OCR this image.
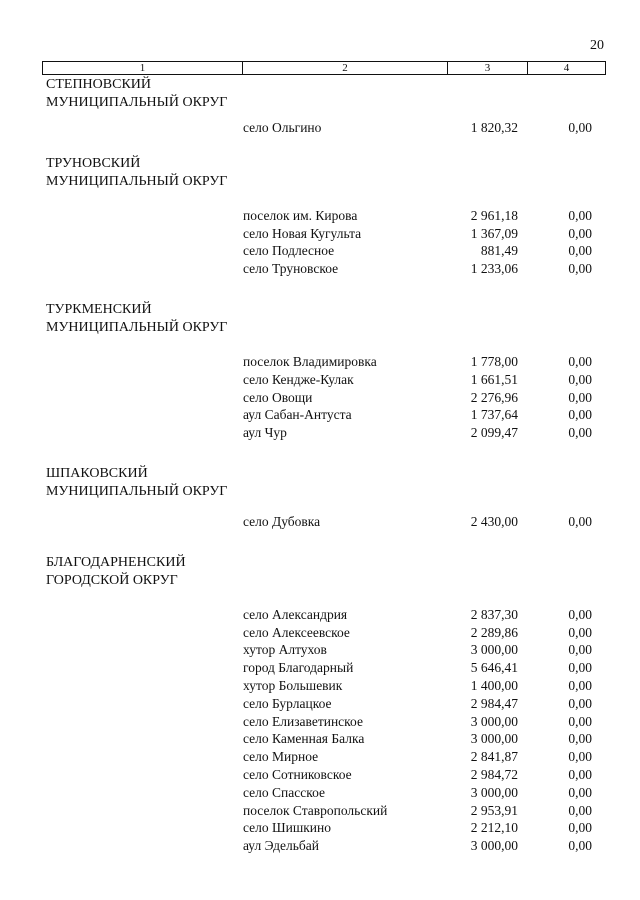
20
1	2	3	4
СТЕПНОВСКИЙ
МУНИЦИПАЛЬНЫЙ ОКРУГ
село Ольгино	1 820,32	0,00
ТРУНОВСКИЙ
МУНИЦИПАЛЬНЫЙ ОКРУГ
поселок им. Кирова	2 961,18	0,00
село Новая Кугульта	1 367,09	0,00
село Подлесное	881,49	0,00
село Труновское	1 233,06	0,00
ТУРКМЕНСКИЙ
МУНИЦИПАЛЬНЫЙ ОКРУГ
поселок Владимировка	1 778,00	0,00
село Кендже-Кулак	1 661,51	0,00
село Овощи	2 276,96	0,00
аул Сабан-Антуста	1 737,64	0,00
аул Чур	2 099,47	0,00
ШПАКОВСКИЙ
МУНИЦИПАЛЬНЫЙ ОКРУГ
село Дубовка	2 430,00	0,00
БЛАГОДАРНЕНСКИЙ
ГОРОДСКОЙ ОКРУГ
село Александрия	2 837,30	0,00
село Алексеевское	2 289,86	0,00
хутор Алтухов	3 000,00	0,00
город Благодарный	5 646,41	0,00
хутор Большевик	1 400,00	0,00
село Бурлацкое	2 984,47	0,00
село Елизаветинское	3 000,00	0,00
село Каменная Балка	3 000,00	0,00
село Мирное	2 841,87	0,00
село Сотниковское	2 984,72	0,00
село Спасское	3 000,00	0,00
поселок Ставропольский	2 953,91	0,00
село Шишкино	2 212,10	0,00
аул Эдельбай	3 000,00	0,00
